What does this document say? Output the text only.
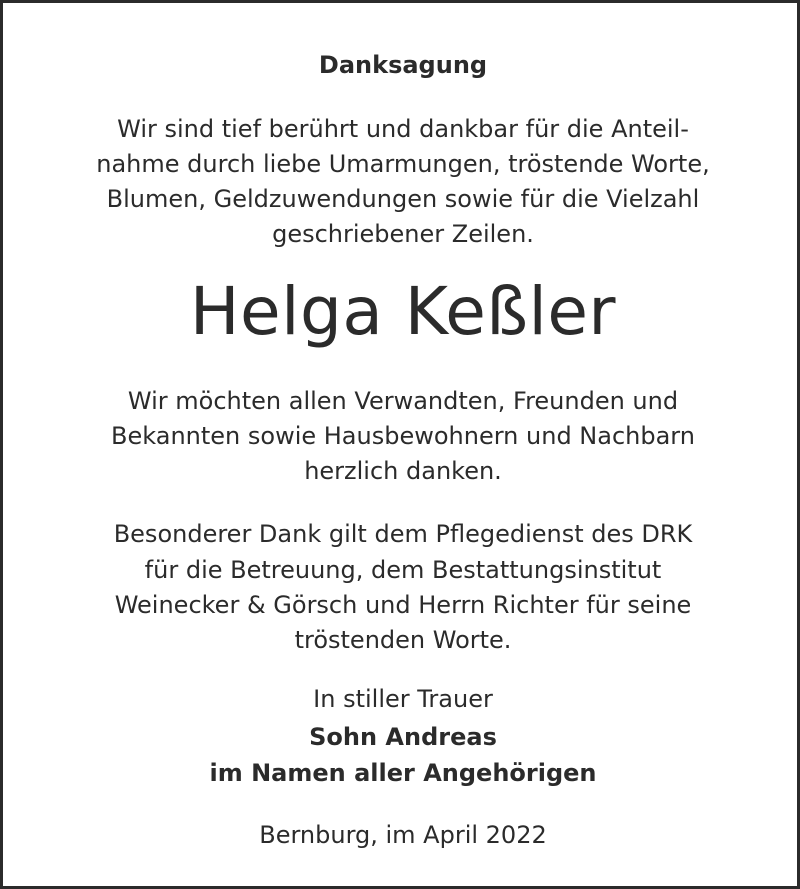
Danksagung

Wir sind tief berührt und dankbar für die Anteil-

nahme durch liebe Umarmungen, tröstende Worte,

Blumen, Geldzuwendungen sowie für die Vielzahl

geschriebener Zeilen.

Helga Keßler

Wir möchten allen Verwandten, Freunden und

Bekannten sowie Hausbewohnern und Nachbarn

herzlich danken.

Besonderer Dank gilt dem Pflegedienst des DRK

für die Betreuung, dem Bestattungsinstitut

Weinecker & Görsch und Herrn Richter für seine

tröstenden Worte.

In stiller Trauer

Sohn Andreas

im Namen aller Angehörigen

Bernburg, im April 2022
